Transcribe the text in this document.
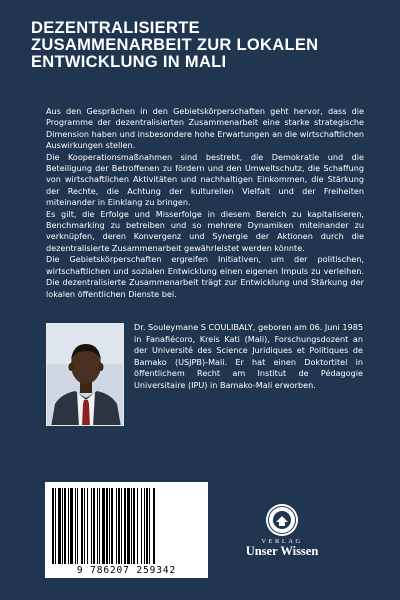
DEZENTRALISIERTE
ZUSAMMENARBEIT ZUR LOKALEN
ENTWICKLUNG IN MALI

Aus den Gesprächen in den Gebietskörperschaften geht hervor, dass die Programme der dezentralisierten Zusammenarbeit eine starke strategische Dimension haben und insbesondere hohe Erwartungen an die wirtschaftlichen Auswirkungen stellen.

Die Kooperationsmaßnahmen sind bestrebt, die Demokratie und die Beteiligung der Betroffenen zu fördern und den Umweltschutz, die Schaffung von wirtschaftlichen Aktivitäten und nachhaltigen Einkommen, die Stärkung der Rechte, die Achtung der kulturellen Vielfalt und der Freiheiten miteinander in Einklang zu bringen.

Es gilt, die Erfolge und Misserfolge in diesem Bereich zu kapitalisieren, Benchmarking zu betreiben und so mehrere Dynamiken miteinander zu verknüpfen, deren Konvergenz und Synergie der Aktionen durch die dezentralisierte Zusammenarbeit gewährleistet werden könnte.

Die Gebietskörperschaften ergreifen Initiativen, um der politischen, wirtschaftlichen und sozialen Entwicklung einen eigenen Impuls zu verleihen. Die dezentralisierte Zusammenarbeit trägt zur Entwicklung und Stärkung der lokalen öffentlichen Dienste bei.

Dr. Souleymane S COULIBALY, geboren am 06. Juni 1985 in Fanafiécoro, Kreis Kati (Mali), Forschungsdozent an der Université des Science Juridiques et Politiques de Bamako (USJPB)-Mali. Er hat einen Doktortitel in öffentlichem Recht am Institut de Pédagogie Universitaire (IPU) in Bamako-Mali erworben.
9 786207 259342
VERLAG
Unser Wissen
